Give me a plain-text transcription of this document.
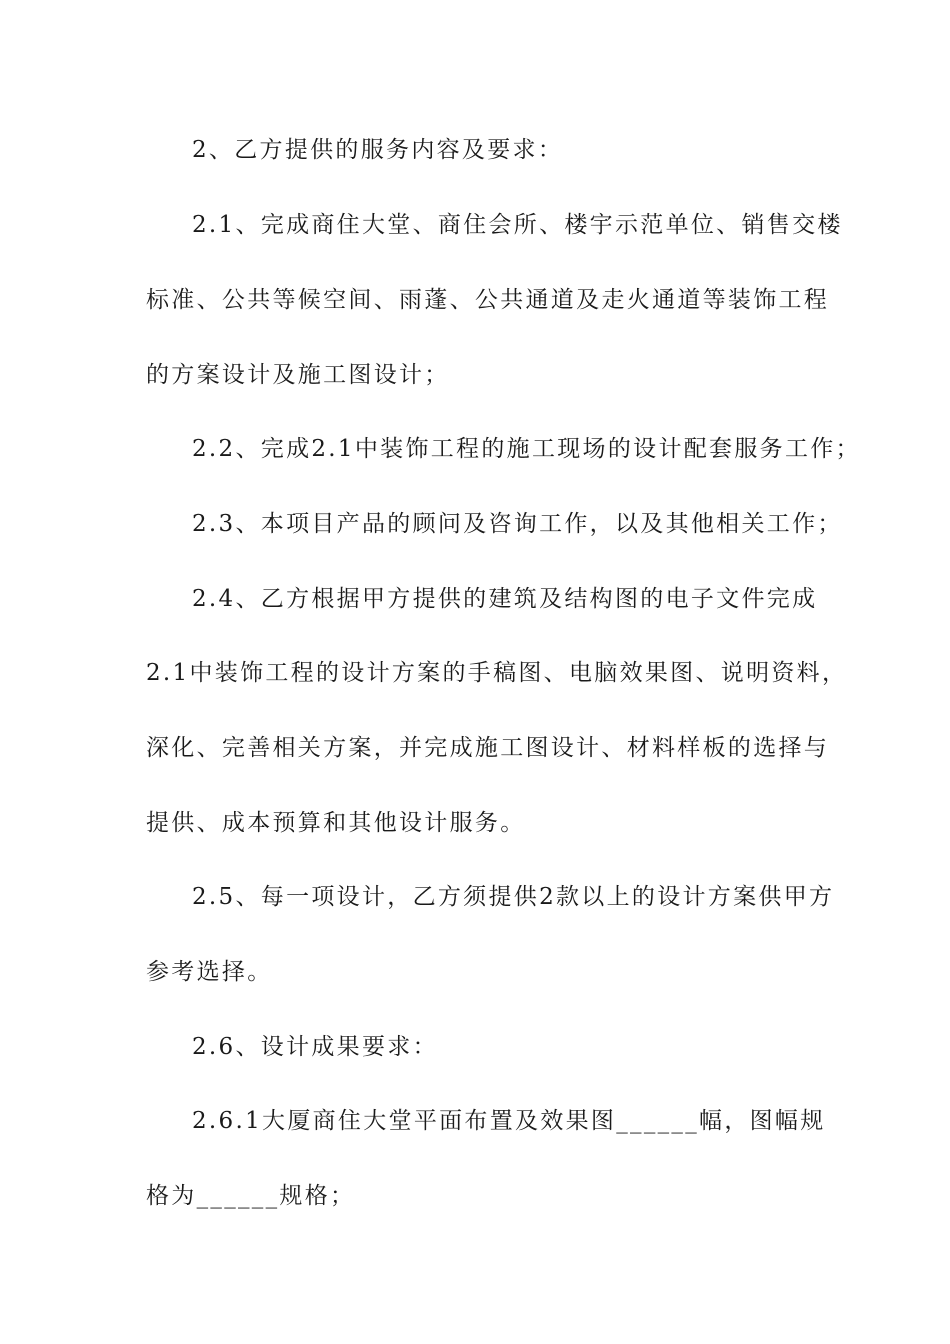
2、乙方提供的服务内容及要求：
2.1、完成商住大堂、商住会所、楼宇示范单位、销售交楼
标准、公共等候空间、雨蓬、公共通道及走火通道等装饰工程
的方案设计及施工图设计；
2.2、完成2.1中装饰工程的施工现场的设计配套服务工作；
2.3、本项目产品的顾问及咨询工作，以及其他相关工作；
2.4、乙方根据甲方提供的建筑及结构图的电子文件完成
2.1中装饰工程的设计方案的手稿图、电脑效果图、说明资料，
深化、完善相关方案，并完成施工图设计、材料样板的选择与
提供、成本预算和其他设计服务。
2.5、每一项设计，乙方须提供2款以上的设计方案供甲方
参考选择。
2.6、设计成果要求：
2.6.1大厦商住大堂平面布置及效果图______幅，图幅规
格为______规格；
